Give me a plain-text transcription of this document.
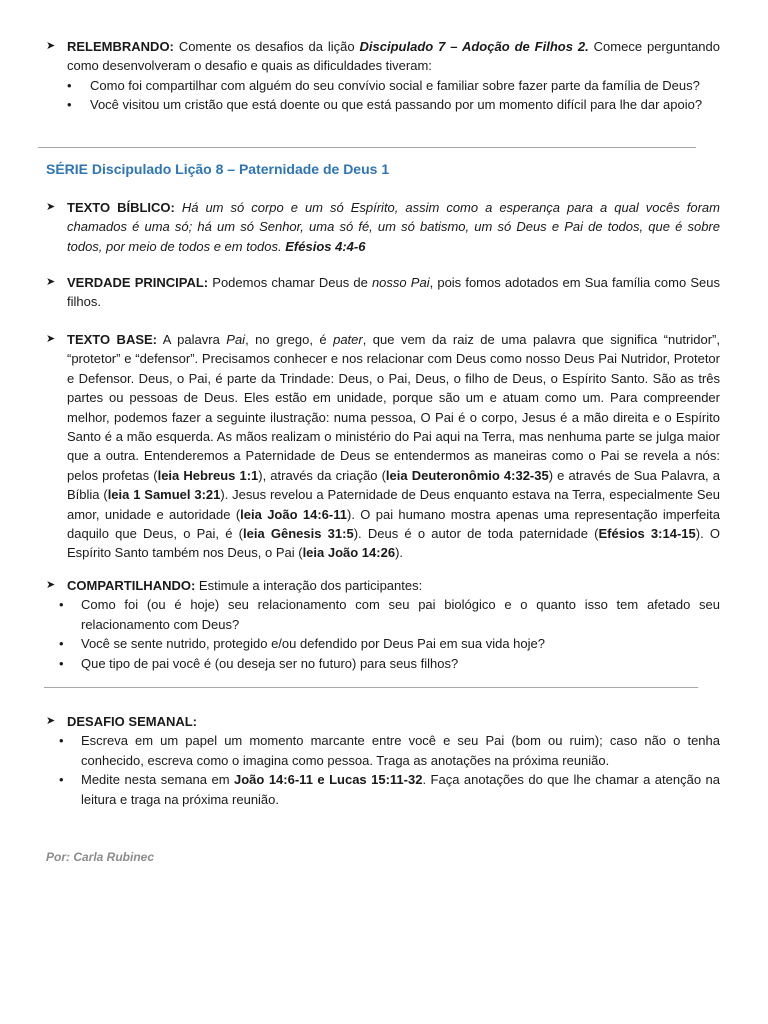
➤ RELEMBRANDO: Comente os desafios da lição Discipulado 7 – Adoção de Filhos 2. Comece perguntando como desenvolveram o desafio e quais as dificuldades tiveram:
• Como foi compartilhar com alguém do seu convívio social e familiar sobre fazer parte da família de Deus?
• Você visitou um cristão que está doente ou que está passando por um momento difícil para lhe dar apoio?
SÉRIE Discipulado Lição 8 – Paternidade de Deus 1
➤ TEXTO BÍBLICO: Há um só corpo e um só Espírito, assim como a esperança para a qual vocês foram chamados é uma só; há um só Senhor, uma só fé, um só batismo, um só Deus e Pai de todos, que é sobre todos, por meio de todos e em todos. Efésios 4:4-6
➤ VERDADE PRINCIPAL: Podemos chamar Deus de nosso Pai, pois fomos adotados em Sua família como Seus filhos.
➤ TEXTO BASE: A palavra Pai, no grego, é pater, que vem da raiz de uma palavra que significa “nutridor”, “protetor” e “defensor”. Precisamos conhecer e nos relacionar com Deus como nosso Deus Pai Nutridor, Protetor e Defensor. Deus, o Pai, é parte da Trindade: Deus, o Pai, Deus, o filho de Deus, o Espírito Santo. São as três partes ou pessoas de Deus. Eles estão em unidade, porque são um e atuam como um. Para compreender melhor, podemos fazer a seguinte ilustração: numa pessoa, O Pai é o corpo, Jesus é a mão direita e o Espírito Santo é a mão esquerda. As mãos realizam o ministério do Pai aqui na Terra, mas nenhuma parte se julga maior que a outra. Entenderemos a Paternidade de Deus se entendermos as maneiras como o Pai se revela a nós: pelos profetas (leia Hebreus 1:1), através da criação (leia Deuteronômio 4:32-35) e através de Sua Palavra, a Bíblia (leia 1 Samuel 3:21). Jesus revelou a Paternidade de Deus enquanto estava na Terra, especialmente Seu amor, unidade e autoridade (leia João 14:6-11). O pai humano mostra apenas uma representação imperfeita daquilo que Deus, o Pai, é (leia Gênesis 31:5). Deus é o autor de toda paternidade (Efésios 3:14-15). O Espírito Santo também nos Deus, o Pai (leia João 14:26).
➤ COMPARTILHANDO: Estimule a interação dos participantes:
• Como foi (ou é hoje) seu relacionamento com seu pai biológico e o quanto isso tem afetado seu relacionamento com Deus?
• Você se sente nutrido, protegido e/ou defendido por Deus Pai em sua vida hoje?
• Que tipo de pai você é (ou deseja ser no futuro) para seus filhos?
➤ DESAFIO SEMANAL:
• Escreva em um papel um momento marcante entre você e seu Pai (bom ou ruim); caso não o tenha conhecido, escreva como o imagina como pessoa. Traga as anotações na próxima reunião.
• Medite nesta semana em João 14:6-11 e Lucas 15:11-32. Faça anotações do que lhe chamar a atenção na leitura e traga na próxima reunião.
Por: Carla Rubinec
